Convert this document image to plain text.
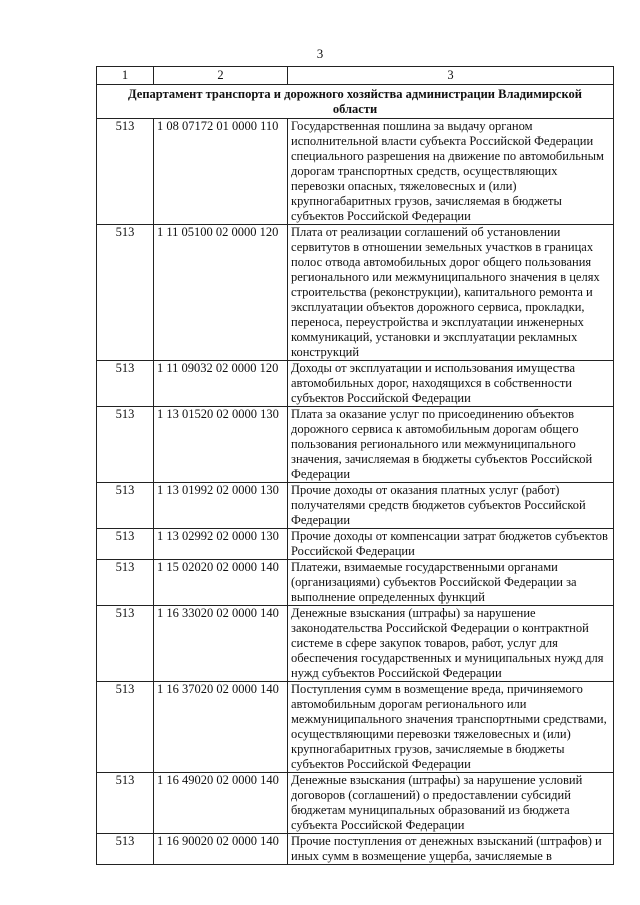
3
1	2	3
Департамент транспорта и дорожного хозяйства администрации Владимирской области		
513	1 08 07172 01 0000 110	Государственная пошлина за выдачу органом исполнительной власти субъекта Российской Федерации специального разрешения на движение по автомобильным дорогам транспортных средств, осуществляющих перевозки опасных, тяжеловесных и (или) крупногабаритных грузов, зачисляемая в бюджеты субъектов Российской Федерации
513	1 11 05100 02 0000 120	Плата от реализации соглашений об установлении сервитутов в отношении земельных участков в границах полос отвода автомобильных дорог общего пользования регионального или межмуниципального значения в целях строительства (реконструкции), капитального ремонта и эксплуатации объектов дорожного сервиса, прокладки, переноса, переустройства и эксплуатации инженерных коммуникаций, установки и эксплуатации рекламных конструкций
513	1 11 09032 02 0000 120	Доходы от эксплуатации и использования имущества автомобильных дорог, находящихся в собственности субъектов Российской Федерации
513	1 13 01520 02 0000 130	Плата за оказание услуг по присоединению объектов дорожного сервиса к автомобильным дорогам общего пользования регионального или межмуниципального значения, зачисляемая в бюджеты субъектов Российской Федерации
513	1 13 01992 02 0000 130	Прочие доходы от оказания платных услуг (работ) получателями средств бюджетов субъектов Российской Федерации
513	1 13 02992 02 0000 130	Прочие доходы от компенсации затрат бюджетов субъектов Российской Федерации
513	1 15 02020 02 0000 140	Платежи, взимаемые государственными органами (организациями) субъектов Российской Федерации за выполнение определенных функций
513	1 16 33020 02 0000 140	Денежные взыскания (штрафы) за нарушение законодательства Российской Федерации о контрактной системе в сфере закупок товаров, работ, услуг для обеспечения государственных и муниципальных нужд для нужд субъектов Российской Федерации
513	1 16 37020 02 0000 140	Поступления сумм в возмещение вреда, причиняемого автомобильным дорогам регионального или межмуниципального значения транспортными средствами, осуществляющими перевозки тяжеловесных и (или) крупногабаритных грузов, зачисляемые в бюджеты субъектов Российской Федерации
513	1 16 49020 02 0000 140	Денежные взыскания (штрафы) за нарушение условий договоров (соглашений) о предоставлении субсидий бюджетам муниципальных образований из бюджета субъекта Российской Федерации
513	1 16 90020 02 0000 140	Прочие поступления от денежных взысканий (штрафов) и иных сумм в возмещение ущерба, зачисляемые в
